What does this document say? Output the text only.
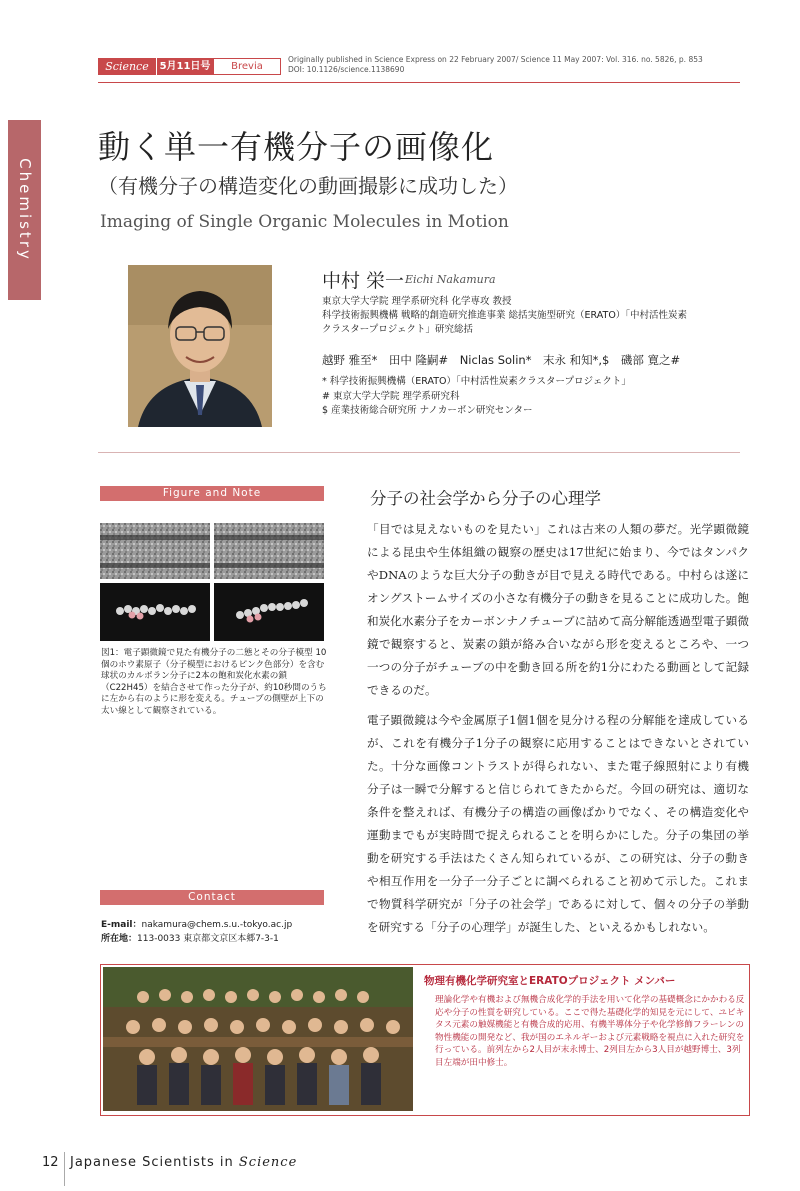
Science	5月11日号	Brevia
Originally published in Science Express on 22 February 2007/ Science 11 May 2007: Vol. 316. no. 5826, p. 853
DOI: 10.1126/science.1138690
Chemistry
動く単一有機分子の画像化
（有機分子の構造変化の動画撮影に成功した）
Imaging of Single Organic Molecules in Motion
中村 栄一 Eichi Nakamura
東京大学大学院 理学系研究科 化学専攻 教授
科学技術振興機構 戦略的創造研究推進事業 総括実施型研究（ERATO）「中村活性炭素
クラスタープロジェクト」研究総括
越野 雅至*　田中 隆嗣#　Niclas Solin*　末永 和知*,$　磯部 寛之#
* 科学技術振興機構（ERATO）「中村活性炭素クラスタープロジェクト」
# 東京大学大学院 理学系研究科
$ 産業技術総合研究所 ナノカーボン研究センター
Figure and Note
図1：電子顕微鏡で見た有機分子の二態とその分子模型 10個のホウ素原子（分子模型におけるピンク色部分）を含む球状のカルボラン分子に2本の飽和炭化水素の鎖（C22H45）を結合させて作った分子が、約10秒間のうちに左から右のように形を変える。チューブの側壁が上下の太い線として観察されている。
Contact
E-mail：nakamura@chem.s.u.-tokyo.ac.jp
所在地：113-0033 東京都文京区本郷7-3-1
分子の社会学から分子の心理学

「目では見えないものを見たい」これは古来の人類の夢だ。光学顕微鏡による昆虫や生体組織の観察の歴史は17世紀に始まり、今ではタンパクやDNAのような巨大分子の動きが目で見える時代である。中村らは遂にオングストームサイズの小さな有機分子の動きを見ることに成功した。飽和炭化水素分子をカーボンナノチューブに詰めて高分解能透過型電子顕微鏡で観察すると、炭素の鎖が絡み合いながら形を変えるところや、一つ一つの分子がチューブの中を動き回る所を約1分にわたる動画として記録できるのだ。

電子顕微鏡は今や金属原子1個1個を見分ける程の分解能を達成しているが、これを有機分子1分子の観察に応用することはできないとされていた。十分な画像コントラストが得られない、また電子線照射により有機分子は一瞬で分解すると信じられてきたからだ。今回の研究は、適切な条件を整えれば、有機分子の構造の画像ばかりでなく、その構造変化や運動までもが実時間で捉えられることを明らかにした。分子の集団の挙動を研究する手法はたくさん知られているが、この研究は、分子の動きや相互作用を一分子一分子ごとに調べられること初めて示した。これまで物質科学研究が「分子の社会学」であるに対して、個々の分子の挙動を研究する「分子の心理学」が誕生した、といえるかもしれない。

物理有機化学研究室とERATOプロジェクト メンバー
理論化学や有機および無機合成化学的手法を用いて化学の基礎概念にかかわる反応や分子の性質を研究している。ここで得た基礎化学的知見を元にして、ユビキタス元素の触媒機能と有機合成的応用、有機半導体分子や化学修飾フラーレンの物性機能の開発など、我が国のエネルギーおよび元素戦略を視点に入れた研究を行っている。前列左から2人目が末永博士、2列目左から3人目が越野博士、3列目左端が田中修士。
12 Japanese Scientists in Science
